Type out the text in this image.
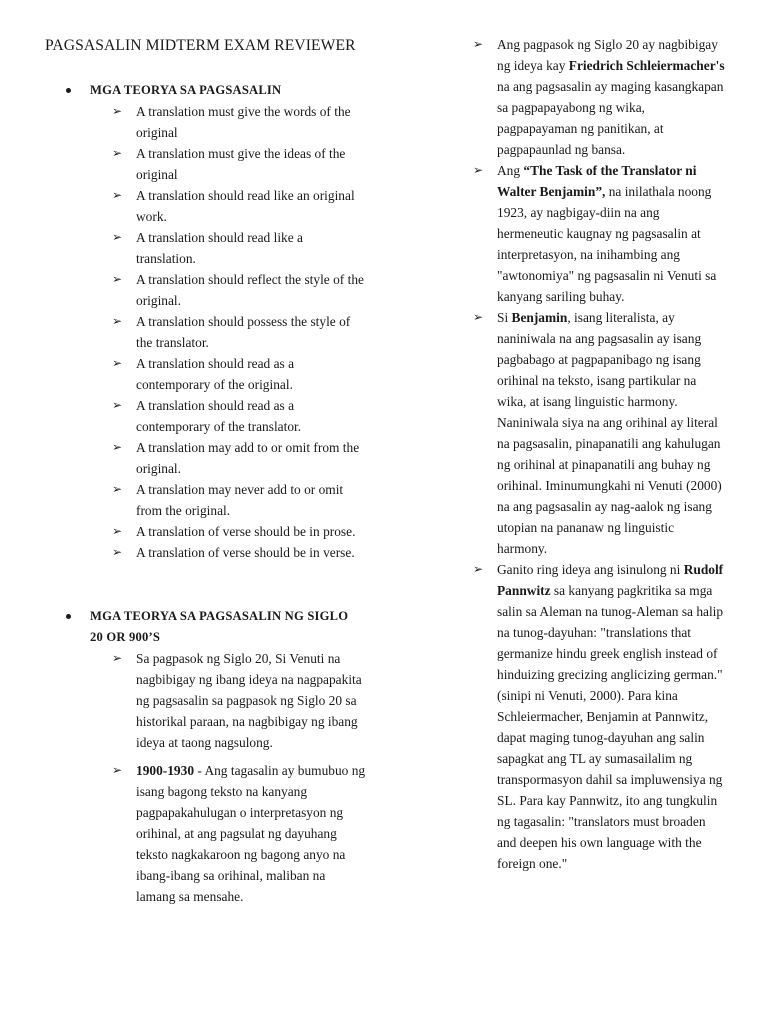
PAGSASALIN MIDTERM EXAM REVIEWER
MGA TEORYA SA PAGSASALIN
➢ A translation must give the words of the original
➢ A translation must give the ideas of the original
➢ A translation should read like an original work.
➢ A translation should read like a translation.
➢ A translation should reflect the style of the original.
➢ A translation should possess the style of the translator.
➢ A translation should read as a contemporary of the original.
➢ A translation should read as a contemporary of the translator.
➢ A translation may add to or omit from the original.
➢ A translation may never add to or omit from the original.
➢ A translation of verse should be in prose.
➢ A translation of verse should be in verse.
MGA TEORYA SA PAGSASALIN NG SIGLO 20 OR 900’S
➢ Sa pagpasok ng Siglo 20, Si Venuti na nagbibigay ng ibang ideya na nagpapakita ng pagsasalin sa pagpasok ng Siglo 20 sa historikal paraan, na nagbibigay ng ibang ideya at taong nagsulong.
➢ 1900-1930 - Ang tagasalin ay bumubuo ng isang bagong teksto na kanyang pagpapakahulugan o interpretasyon ng orihinal, at ang pagsulat ng dayuhang teksto nagkakaroon ng bagong anyo na ibang-ibang sa orihinal, maliban na lamang sa mensahe.
➢ Ang pagpasok ng Siglo 20 ay nagbibigay ng ideya kay Friedrich Schleiermacher's
na ang pagsasalin ay maging kasangkapan sa pagpapayabong ng wika, pagpapayaman ng panitikan, at pagpapaunlad ng bansa.
➢ Ang “The Task of the Translator ni Walter Benjamin”, na inilathala noong 1923, ay nagbigay-diin na ang hermeneutic kaugnay ng pagsasalin at interpretasyon, na inihambing ang "awtonomiya" ng pagsasalin ni Venuti sa kanyang sariling buhay.
➢ Si Benjamin, isang literalista, ay naniniwala na ang pagsasalin ay isang pagbabago at pagpapanibago ng isang orihinal na teksto, isang partikular na wika, at isang linguistic harmony. Naniniwala siya na ang orihinal ay literal na pagsasalin, pinapanatili ang kahulugan ng orihinal at pinapanatili ang buhay ng orihinal. Iminumungkahi ni Venuti (2000) na ang pagsasalin ay nag-aalok ng isang utopian na pananaw ng linguistic harmony.
➢ Ganito ring ideya ang isinulong ni Rudolf Pannwitz sa kanyang pagkritika sa mga salin sa Aleman na tunog-Aleman sa halip na tunog-dayuhan: "translations that germanize hindu greek english instead of hinduizing grecizing anglicizing german." (sinipi ni Venuti, 2000). Para kina Schleiermacher, Benjamin at Pannwitz, dapat maging tunog-dayuhan ang salin sapagkat ang TL ay sumasailalim ng transpormasyon dahil sa impluwensiya ng SL. Para kay Pannwitz, ito ang tungkulin ng tagasalin: "translators must broaden and deepen his own language with the foreign one."
